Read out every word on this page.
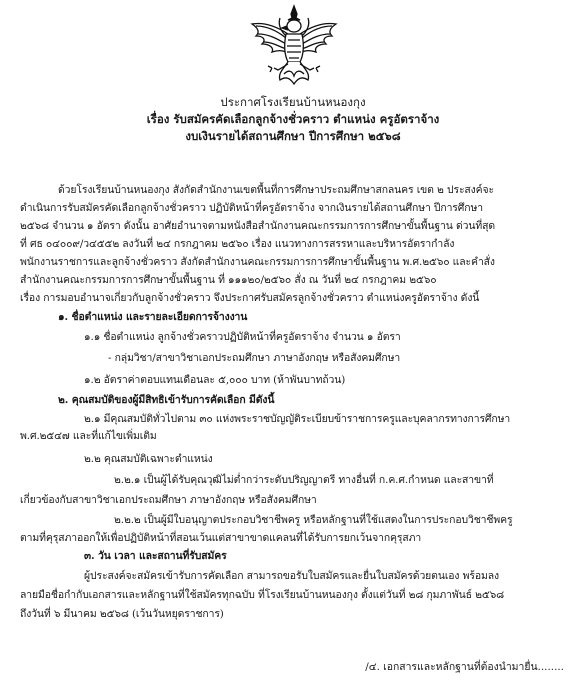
ประกาศโรงเรียนบ้านหนองกุง
เรื่อง รับสมัครคัดเลือกลูกจ้างชั่วคราว ตำแหน่ง ครูอัตราจ้าง
งบเงินรายได้สถานศึกษา ปีการศึกษา ๒๕๖๘
ด้วยโรงเรียนบ้านหนองกุง สังกัดสำนักงานเขตพื้นที่การศึกษาประถมศึกษาสกลนคร เขต ๒ ประสงค์จะ
ดำเนินการรับสมัครคัดเลือกลูกจ้างชั่วคราว ปฏิบัติหน้าที่ครูอัตราจ้าง จากเงินรายได้สถานศึกษา ปีการศึกษา
๒๕๖๘ จำนวน ๑ อัตรา ดังนั้น อาศัยอำนาจตามหนังสือสำนักงานคณะกรรมการการศึกษาขั้นพื้นฐาน ด่วนที่สุด
ที่ ศธ ๐๔๐๐๙/ว๔๕๕๒ ลงวันที่ ๒๔ กรกฎาคม ๒๕๖๐ เรื่อง แนวทางการสรรหาและบริหารอัตรากำลัง
พนักงานราชการและลูกจ้างชั่วคราว สังกัดสำนักงานคณะกรรมการการศึกษาขั้นพื้นฐาน พ.ศ.๒๕๖๐ และคำสั่ง
สำนักงานคณะกรรมการการศึกษาขั้นพื้นฐาน ที่ ๑๑๑๒๐/๒๕๖๐ สั่ง ณ วันที่ ๒๔ กรกฎาคม ๒๕๖๐
เรื่อง การมอบอำนาจเกี่ยวกับลูกจ้างชั่วคราว จึงประกาศรับสมัครลูกจ้างชั่วคราว ตำแหน่งครูอัตราจ้าง ดังนี้
๑. ชื่อตำแหน่ง และรายละเอียดการจ้างงาน
๑.๑ ชื่อตำแหน่ง ลูกจ้างชั่วคราวปฏิบัติหน้าที่ครูอัตราจ้าง จำนวน ๑ อัตรา
- กลุ่มวิชา/สาขาวิชาเอกประถมศึกษา ภาษาอังกฤษ หรือสังคมศึกษา
๑.๒ อัตราค่าตอบแทนเดือนละ ๕,๐๐๐ บาท (ห้าพันบาทถ้วน)
๒. คุณสมบัติของผู้มีสิทธิเข้ารับการคัดเลือก มีดังนี้
๒.๑ มีคุณสมบัติทั่วไปตาม ๓๐ แห่งพระราชบัญญัติระเบียบข้าราชการครูและบุคลากรทางการศึกษา
พ.ศ.๒๕๔๗ และที่แก้ไขเพิ่มเติม
๒.๒ คุณสมบัติเฉพาะตำแหน่ง
๒.๒.๑ เป็นผู้ได้รับคุณวุฒิไม่ต่ำกว่าระดับปริญญาตรี ทางอื่นที่ ก.ค.ศ.กำหนด และสาขาที่
เกี่ยวข้องกับสาขาวิชาเอกประถมศึกษา ภาษาอังกฤษ หรือสังคมศึกษา
๒.๒.๒ เป็นผู้มีใบอนุญาตประกอบวิชาชีพครู หรือหลักฐานที่ใช้แสดงในการประกอบวิชาชีพครู
ตามที่คุรุสภาออกให้เพื่อปฏิบัติหน้าที่สอนเว้นแต่สาขาขาดแคลนที่ได้รับการยกเว้นจากคุรุสภา
๓. วัน เวลา และสถานที่รับสมัคร
ผู้ประสงค์จะสมัครเข้ารับการคัดเลือก สามารถขอรับใบสมัครและยื่นใบสมัครด้วยตนเอง พร้อมลง
ลายมือชื่อกำกับเอกสารและหลักฐานที่ใช้สมัครทุกฉบับ ที่โรงเรียนบ้านหนองกุง ตั้งแต่วันที่ ๒๘ กุมภาพันธ์ ๒๕๖๘
ถึงวันที่ ๖ มีนาคม ๒๕๖๘ (เว้นวันหยุดราชการ)
/๔. เอกสารและหลักฐานที่ต้องนำมายื่น........
